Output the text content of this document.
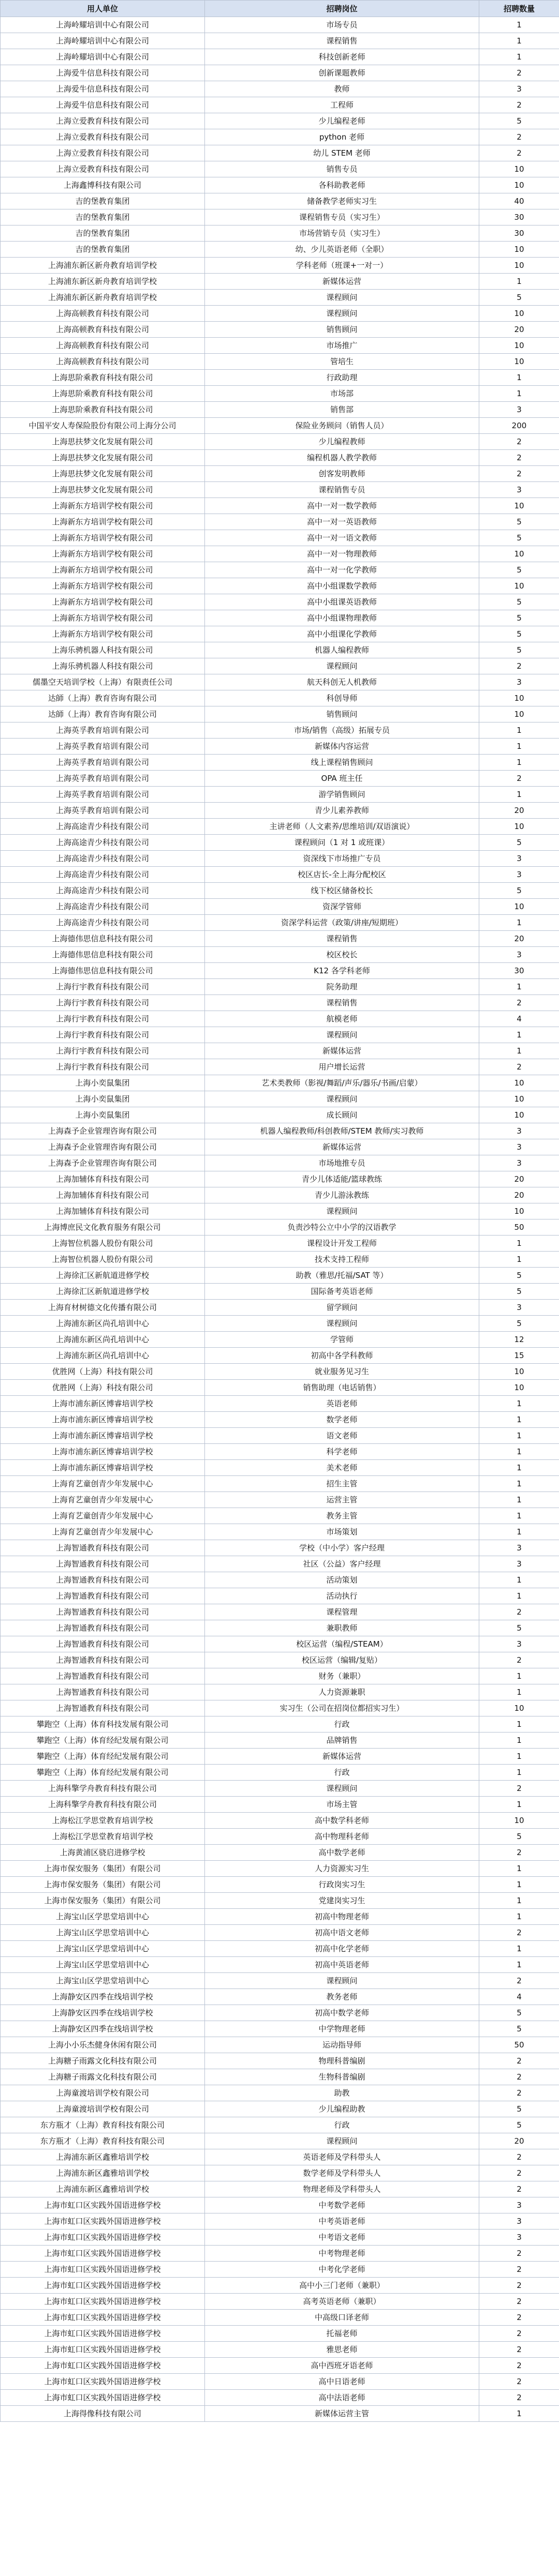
用人单位	招聘岗位	招聘数量
上海岭耀培训中心有限公司	市场专员	1
上海岭耀培训中心有限公司	课程销售	1
上海岭耀培训中心有限公司	科技创新老师	1
上海爱牛信息科技有限公司	创新课题教师	2
上海爱牛信息科技有限公司	教师	3
上海爱牛信息科技有限公司	工程师	2
上海立爱教育科技有限公司	少儿编程老师	5
上海立爱教育科技有限公司	python 老师	2
上海立爱教育科技有限公司	幼儿 STEM 老师	2
上海立爱教育科技有限公司	销售专员	10
上海鑫博科技有限公司	各科助教老师	10
吉的堡教育集团	储备教学老师实习生	40
吉的堡教育集团	课程销售专员（实习生）	30
吉的堡教育集团	市场营销专员（实习生）	30
吉的堡教育集团	幼、少儿英语老师（全职）	10
上海浦东新区新舟教育培训学校	学科老师（班课+一对一）	10
上海浦东新区新舟教育培训学校	新媒体运营	1
上海浦东新区新舟教育培训学校	课程顾问	5
上海高顿教育科技有限公司	课程顾问	10
上海高顿教育科技有限公司	销售顾问	20
上海高顿教育科技有限公司	市场推广	10
上海高顿教育科技有限公司	管培生	10
上海思阶乘教育科技有限公司	行政助理	1
上海思阶乘教育科技有限公司	市场部	1
上海思阶乘教育科技有限公司	销售部	3
中国平安人寿保险股份有限公司上海分公司	保险业务顾问（销售人员）	200
上海思扶梦文化发展有限公司	少儿编程教师	2
上海思扶梦文化发展有限公司	编程机器人教学教师	2
上海思扶梦文化发展有限公司	创客发明教师	2
上海思扶梦文化发展有限公司	课程销售专员	3
上海新东方培训学校有限公司	高中一对一数学教师	10
上海新东方培训学校有限公司	高中一对一英语教师	5
上海新东方培训学校有限公司	高中一对一语文教师	5
上海新东方培训学校有限公司	高中一对一物理教师	10
上海新东方培训学校有限公司	高中一对一化学教师	5
上海新东方培训学校有限公司	高中小组课数学教师	10
上海新东方培训学校有限公司	高中小组课英语教师	5
上海新东方培训学校有限公司	高中小组课物理教师	5
上海新东方培训学校有限公司	高中小组课化学教师	5
上海乐骋机器人科技有限公司	机器人编程教师	5
上海乐骋机器人科技有限公司	课程顾问	2
儒墨空天培训学校（上海）有限责任公司	航天科创无人机教师	3
达師（上海）教育咨询有限公司	科创导师	10
达師（上海）教育咨询有限公司	销售顾问	10
上海英孚教育培训有限公司	市场/销售（高级）拓展专员	1
上海英孚教育培训有限公司	新媒体内容运营	1
上海英孚教育培训有限公司	线上课程销售顾问	1
上海英孚教育培训有限公司	OPA 班主任	2
上海英孚教育培训有限公司	游学销售顾问	1
上海英孚教育培训有限公司	青少儿素养教师	20
上海高途青少科技有限公司	主讲老师（人文素养/思维培训/双语演说）	10
上海高途青少科技有限公司	课程顾问（1 对 1 或班课）	5
上海高途青少科技有限公司	资深线下市场推广专员	3
上海高途青少科技有限公司	校区店长-全上海分配校区	3
上海高途青少科技有限公司	线下校区储备校长	5
上海高途青少科技有限公司	资深学管师	10
上海高途青少科技有限公司	资深学科运营（政策/讲座/短期班）	1
上海德伟思信息科技有限公司	课程销售	20
上海德伟思信息科技有限公司	校区校长	3
上海德伟思信息科技有限公司	K12 各学科老师	30
上海行宇教育科技有限公司	院务助理	1
上海行宇教育科技有限公司	课程销售	2
上海行宇教育科技有限公司	航模老师	4
上海行宇教育科技有限公司	课程顾问	1
上海行宇教育科技有限公司	新媒体运营	1
上海行宇教育科技有限公司	用户增长运营	2
上海小奕鼠集团	艺术类教师（影视/舞蹈/声乐/器乐/书画/启蒙）	10
上海小奕鼠集团	课程顾问	10
上海小奕鼠集团	成长顾问	10
上海森予企业管理咨询有限公司	机器人编程教师/科创教师/STEM 教师/实习教师	3
上海森予企业管理咨询有限公司	新媒体运营	3
上海森予企业管理咨询有限公司	市场地推专员	3
上海加辅体育科技有限公司	青少儿体适能/篮球教练	20
上海加辅体育科技有限公司	青少儿游泳教练	20
上海加辅体育科技有限公司	课程顾问	10
上海博庶民文化教育服务有限公司	负责沙特公立中小学的汉语教学	50
上海智位机器人股份有限公司	课程设计开发工程师	1
上海智位机器人股份有限公司	技术支持工程师	1
上海徐汇区新航道进修学校	助教（雅思/托福/SAT 等）	5
上海徐汇区新航道进修学校	国际备考英语老师	5
上海育材树德文化传播有限公司	留学顾问	3
上海浦东新区尚孔培训中心	课程顾问	5
上海浦东新区尚孔培训中心	学管师	12
上海浦东新区尚孔培训中心	初高中各学科教师	15
优胜网（上海）科技有限公司	就业服务见习生	10
优胜网（上海）科技有限公司	销售助理（电话销售）	10
上海市浦东新区博睿培训学校	英语老师	1
上海市浦东新区博睿培训学校	数学老师	1
上海市浦东新区博睿培训学校	语文老师	1
上海市浦东新区博睿培训学校	科学老师	1
上海市浦东新区博睿培训学校	美术老师	1
上海育艺童创青少年发展中心	招生主管	1
上海育艺童创青少年发展中心	运营主管	1
上海育艺童创青少年发展中心	教务主管	1
上海育艺童创青少年发展中心	市场策划	1
上海智通教育科技有限公司	学校（中小学）客户经理	3
上海智通教育科技有限公司	社区（公益）客户经理	3
上海智通教育科技有限公司	活动策划	1
上海智通教育科技有限公司	活动执行	1
上海智通教育科技有限公司	课程管理	2
上海智通教育科技有限公司	兼职教师	5
上海智通教育科技有限公司	校区运营（编程/STEAM）	3
上海智通教育科技有限公司	校区运营（编辑/复贴）	2
上海智通教育科技有限公司	财务（兼职）	1
上海智通教育科技有限公司	人力资源兼职	1
上海智通教育科技有限公司	实习生（公司在招岗位都招实习生）	10
攀跑空（上海）体育科技发展有限公司	行政	1
攀跑空（上海）体育经纪发展有限公司	品牌销售	1
攀跑空（上海）体育经纪发展有限公司	新媒体运营	1
攀跑空（上海）体育经纪发展有限公司	行政	1
上海科擎学舟教育科技有限公司	课程顾问	2
上海科擎学舟教育科技有限公司	市场主管	1
上海松江学思堂教育培训学校	高中数学科老师	10
上海松江学思堂教育培训学校	高中物理科老师	5
上海黄浦区骁启进修学校	高中数学老师	2
上海市保安服务（集团）有限公司	人力资源实习生	1
上海市保安服务（集团）有限公司	行政岗实习生	1
上海市保安服务（集团）有限公司	党建岗实习生	1
上海宝山区学思堂培训中心	初高中物理老师	1
上海宝山区学思堂培训中心	初高中语文老师	2
上海宝山区学思堂培训中心	初高中化学老师	1
上海宝山区学思堂培训中心	初高中英语老师	1
上海宝山区学思堂培训中心	课程顾问	2
上海静安区四季在线培训学校	教务老师	4
上海静安区四季在线培训学校	初高中数学老师	5
上海静安区四季在线培训学校	中学物理老师	5
上海小小乐杰健身休闲有限公司	运动指导师	50
上海糖子雨露文化科技有限公司	物理科普编剧	2
上海糖子雨露文化科技有限公司	生物科普编剧	2
上海童渡培训学校有限公司	助教	2
上海童渡培训学校有限公司	少儿编程助教	5
东方瓶才（上海）教育科技有限公司	行政	5
东方瓶才（上海）教育科技有限公司	课程顾问	20
上海浦东新区鑫雅培训学校	英语老师及学科带头人	2
上海浦东新区鑫雅培训学校	数学老师及学科带头人	2
上海浦东新区鑫雅培训学校	物理老师及学科带头人	2
上海市虹口区实践外国语进修学校	中考数学老师	3
上海市虹口区实践外国语进修学校	中考英语老师	3
上海市虹口区实践外国语进修学校	中考语文老师	3
上海市虹口区实践外国语进修学校	中考物理老师	2
上海市虹口区实践外国语进修学校	中考化学老师	2
上海市虹口区实践外国语进修学校	高中小三门老师（兼职）	2
上海市虹口区实践外国语进修学校	高考英语老师（兼职）	2
上海市虹口区实践外国语进修学校	中高级口译老师	2
上海市虹口区实践外国语进修学校	托福老师	2
上海市虹口区实践外国语进修学校	雅思老师	2
上海市虹口区实践外国语进修学校	高中西班牙语老师	2
上海市虹口区实践外国语进修学校	高中日语老师	2
上海市虹口区实践外国语进修学校	高中法语老师	2
上海得像科技有限公司	新媒体运营主管	1
